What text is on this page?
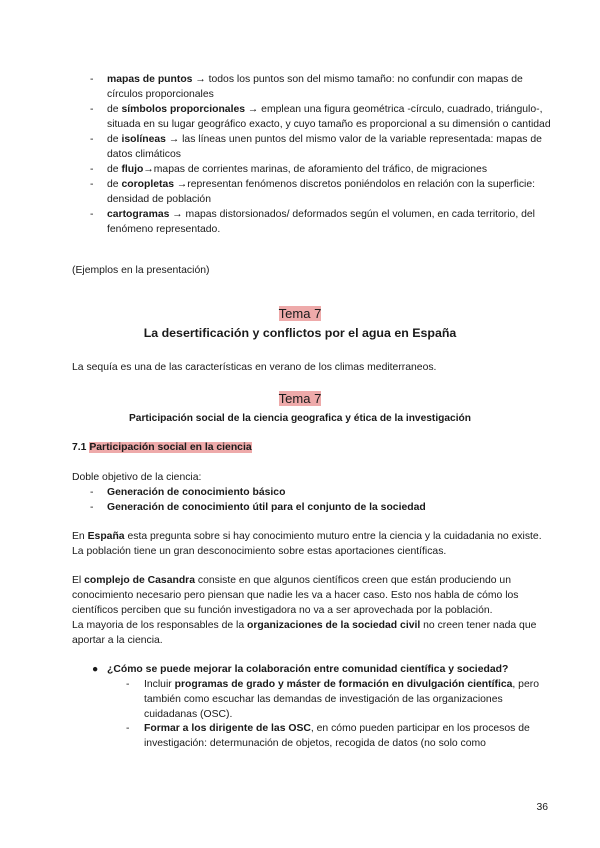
- mapas de puntos → todos los puntos son del mismo tamaño: no confundir con mapas de círculos proporcionales
- de símbolos proporcionales → emplean una figura geométrica -círculo, cuadrado, triángulo-, situada en su lugar geográfico exacto, y cuyo tamaño es proporcional a su dimensión o cantidad
- de isolíneas → las líneas unen puntos del mismo valor de la variable representada: mapas de datos climáticos
- de flujo→mapas de corrientes marinas, de aforamiento del tráfico, de migraciones
- de coropletas →representan fenómenos discretos poniéndolos en relación con la superficie: densidad de población
- cartogramas → mapas distorsionados/ deformados según el volumen, en cada territorio, del fenómeno representado.
(Ejemplos en la presentación)
Tema 7
La desertificación y conflictos por el agua en España
La sequía es una de las características en verano de los climas mediterraneos.
Tema 7
Participación social de la ciencia geografica y ética de la investigación
7.1 Participación social en la ciencia
Doble objetivo de la ciencia:
- Generación de conocimiento básico
- Generación de conocimiento útil para el conjunto de la sociedad
En España esta pregunta sobre si hay conocimiento muturo entre la ciencia y la cuidadania no existe. La población tiene un gran desconocimiento sobre estas aportaciones científicas.
El complejo de Casandra consiste en que algunos científicos creen que están produciendo un conocimiento necesario pero piensan que nadie les va a hacer caso. Esto nos habla de cómo los científicos perciben que su función investigadora no va a ser aprovechada por la población.
La mayoria de los responsables de la organizaciones de la sociedad civil no creen tener nada que aportar a la ciencia.
● ¿Cómo se puede mejorar la colaboración entre comunidad científica y sociedad?
-	Incluir programas de grado y máster de formación en divulgación científica, pero también como escuchar las demandas de investigación de las organizaciones cuidadanas (OSC).
-	Formar a los dirigente de las OSC, en cómo pueden participar en los procesos de investigación: determunación de objetos, recogida de datos (no solo como
36
